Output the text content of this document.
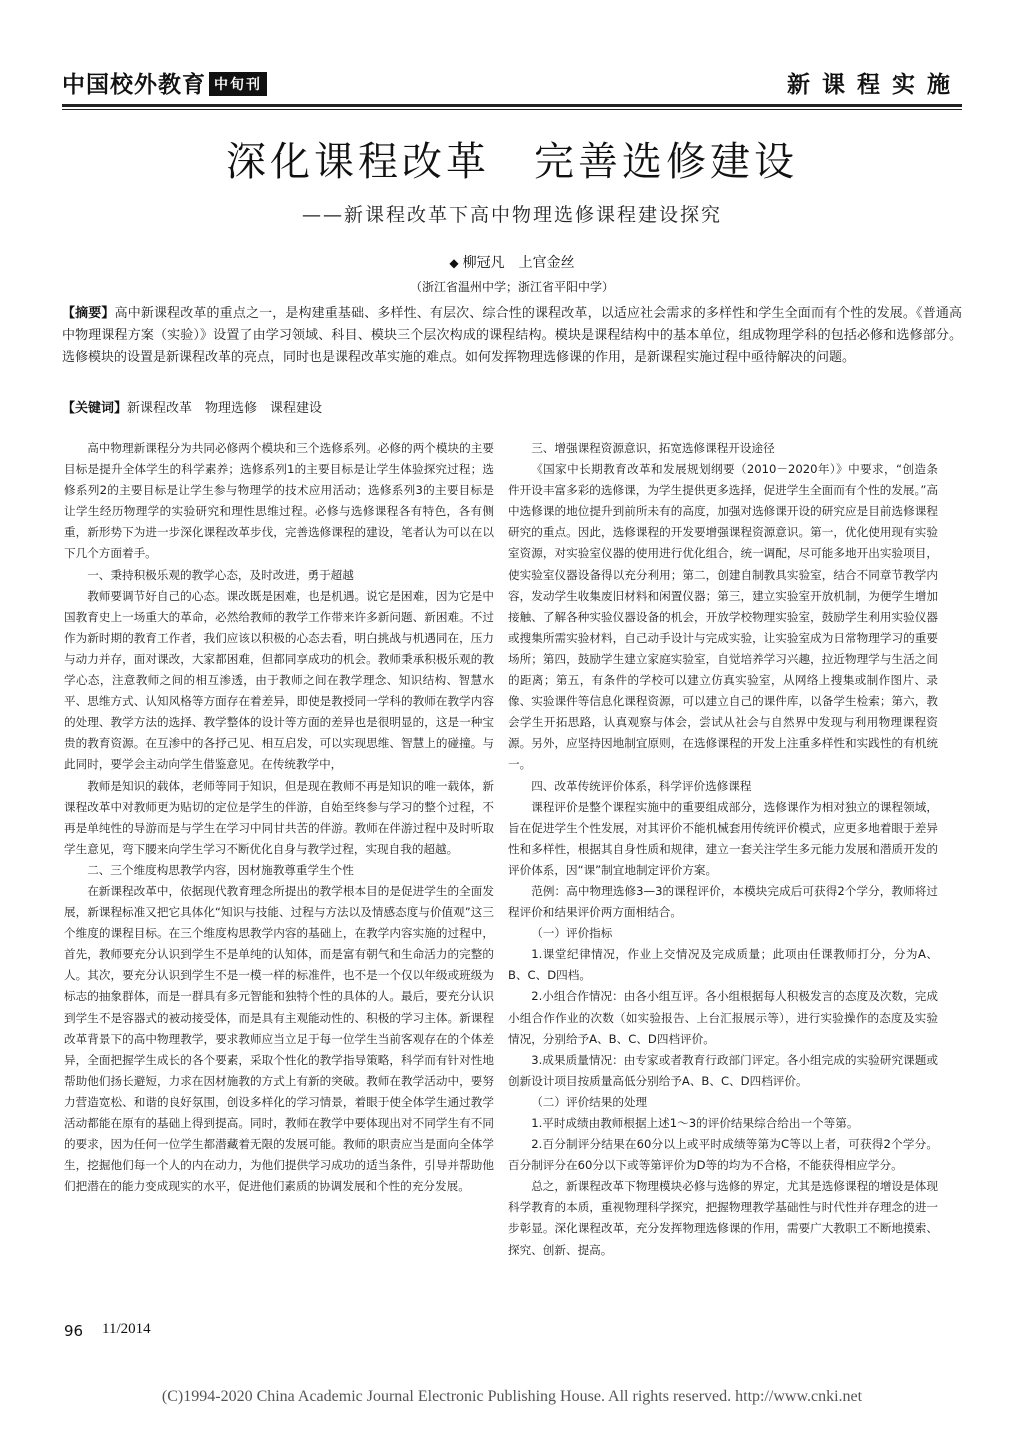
中国校外教育 中旬刊	新课程实施
深化课程改革　完善选修建设
——新课程改革下高中物理选修课程建设探究
◆ 柳冠凡　上官金丝
（浙江省温州中学；浙江省平阳中学）
【摘要】高中新课程改革的重点之一，是构建重基础、多样性、有层次、综合性的课程改革，以适应社会需求的多样性和学生全面而有个性的发展。《普通高中物理课程方案（实验）》设置了由学习领域、科目、模块三个层次构成的课程结构。模块是课程结构中的基本单位，组成物理学科的包括必修和选修部分。选修模块的设置是新课程改革的亮点，同时也是课程改革实施的难点。如何发挥物理选修课的作用，是新课程实施过程中亟待解决的问题。
【关键词】新课程改革　物理选修　课程建设

高中物理新课程分为共同必修两个模块和三个选修系列。必修的两个模块的主要目标是提升全体学生的科学素养；选修系列1的主要目标是让学生体验探究过程；选修系列2的主要目标是让学生参与物理学的技术应用活动；选修系列3的主要目标是让学生经历物理学的实验研究和理性思维过程。必修与选修课程各有特色，各有侧重，新形势下为进一步深化课程改革步伐，完善选修课程的建设，笔者认为可以在以下几个方面着手。

一、秉持积极乐观的教学心态，及时改进，勇于超越

教师要调节好自己的心态。课改既是困难，也是机遇。说它是困难，因为它是中国教育史上一场重大的革命，必然给教师的教学工作带来许多新问题、新困难。不过作为新时期的教育工作者，我们应该以积极的心态去看，明白挑战与机遇同在，压力与动力并存，面对课改，大家都困难，但都同享成功的机会。教师秉承积极乐观的教学心态，注意教师之间的相互渗透，由于教师之间在教学理念、知识结构、智慧水平、思维方式、认知风格等方面存在着差异，即使是教授同一学科的教师在教学内容的处理、教学方法的选择、教学整体的设计等方面的差异也是很明显的，这是一种宝贵的教育资源。在互渗中的各抒己见、相互启发，可以实现思维、智慧上的碰撞。与此同时，要学会主动向学生借鉴意见。在传统教学中，

教师是知识的载体，老师等同于知识，但是现在教师不再是知识的唯一载体，新课程改革中对教师更为贴切的定位是学生的伴游，自始至终参与学习的整个过程，不再是单纯性的导游而是与学生在学习中同甘共苦的伴游。教师在伴游过程中及时听取学生意见，弯下腰来向学生学习不断优化自身与教学过程，实现自我的超越。

二、三个维度构思教学内容，因材施教尊重学生个性

在新课程改革中，依据现代教育理念所提出的教学根本目的是促进学生的全面发展，新课程标准又把它具体化“知识与技能、过程与方法以及情感态度与价值观”这三个维度的课程目标。在三个维度构思教学内容的基础上，在教学内容实施的过程中，首先，教师要充分认识到学生不是单纯的认知体，而是富有朝气和生命活力的完整的人。其次，要充分认识到学生不是一模一样的标准件，也不是一个仅以年级或班级为标志的抽象群体，而是一群具有多元智能和独特个性的具体的人。最后，要充分认识到学生不是容器式的被动接受体，而是具有主观能动性的、积极的学习主体。新课程改革背景下的高中物理教学，要求教师应当立足于每一位学生当前客观存在的个体差异，全面把握学生成长的各个要素，采取个性化的教学指导策略，科学而有针对性地帮助他们扬长避短，力求在因材施教的方式上有新的突破。教师在教学活动中，要努力营造宽松、和谐的良好氛围，创设多样化的学习情景，着眼于使全体学生通过教学活动都能在原有的基础上得到提高。同时，教师在教学中要体现出对不同学生有不同的要求，因为任何一位学生都潜藏着无限的发展可能。教师的职责应当是面向全体学生，挖掘他们每一个人的内在动力，为他们提供学习成功的适当条件，引导并帮助他们把潜在的能力变成现实的水平，促进他们素质的协调发展和个性的充分发展。

三、增强课程资源意识，拓宽选修课程开设途径

《国家中长期教育改革和发展规划纲要（2010－2020年）》中要求，“创造条件开设丰富多彩的选修课，为学生提供更多选择，促进学生全面而有个性的发展。”高中选修课的地位提升到前所未有的高度，加强对选修课开设的研究应是目前选修课程研究的重点。因此，选修课程的开发要增强课程资源意识。第一，优化使用现有实验室资源，对实验室仪器的使用进行优化组合，统一调配，尽可能多地开出实验项目，使实验室仪器设备得以充分利用；第二，创建自制教具实验室，结合不同章节教学内容，发动学生收集废旧材料和闲置仪器；第三，建立实验室开放机制，为便学生增加接触、了解各种实验仪器设备的机会，开放学校物理实验室，鼓励学生利用实验仪器或搜集所需实验材料，自己动手设计与完成实验，让实验室成为日常物理学习的重要场所；第四，鼓励学生建立家庭实验室，自觉培养学习兴趣，拉近物理学与生活之间的距离；第五，有条件的学校可以建立仿真实验室，从网络上搜集或制作图片、录像、实验课件等信息化课程资源，可以建立自己的课件库，以备学生检索；第六，教会学生开拓思路，认真观察与体会，尝试从社会与自然界中发现与利用物理课程资源。另外，应坚持因地制宜原则，在选修课程的开发上注重多样性和实践性的有机统一。

四、改革传统评价体系，科学评价选修课程

课程评价是整个课程实施中的重要组成部分，选修课作为相对独立的课程领域，旨在促进学生个性发展，对其评价不能机械套用传统评价模式，应更多地着眼于差异性和多样性，根据其自身性质和规律，建立一套关注学生多元能力发展和潜质开发的评价体系，因“课”制宜地制定评价方案。

范例：高中物理选修3—3的课程评价，本模块完成后可获得2个学分，教师将过程评价和结果评价两方面相结合。

（一）评价指标

1.课堂纪律情况，作业上交情况及完成质量；此项由任课教师打分，分为A、B、C、D四档。

2.小组合作情况：由各小组互评。各小组根据每人积极发言的态度及次数，完成小组合作作业的次数（如实验报告、上台汇报展示等），进行实验操作的态度及实验情况，分别给予A、B、C、D四档评价。

3.成果质量情况：由专家或者教育行政部门评定。各小组完成的实验研究课题或创新设计项目按质量高低分别给予A、B、C、D四档评价。

（二）评价结果的处理

1.平时成绩由教师根据上述1～3的评价结果综合给出一个等第。

2.百分制评分结果在60分以上或平时成绩等第为C等以上者，可获得2个学分。百分制评分在60分以下或等第评价为D等的均为不合格，不能获得相应学分。

总之，新课程改革下物理模块必修与选修的界定，尤其是选修课程的增设是体现科学教育的本质，重视物理科学探究，把握物理教学基础性与时代性并存理念的进一步彰显。深化课程改革，充分发挥物理选修课的作用，需要广大教职工不断地摸索、探究、创新、提高。

96 11/2014
(C)1994-2020 China Academic Journal Electronic Publishing House. All rights reserved. http://www.cnki.net
